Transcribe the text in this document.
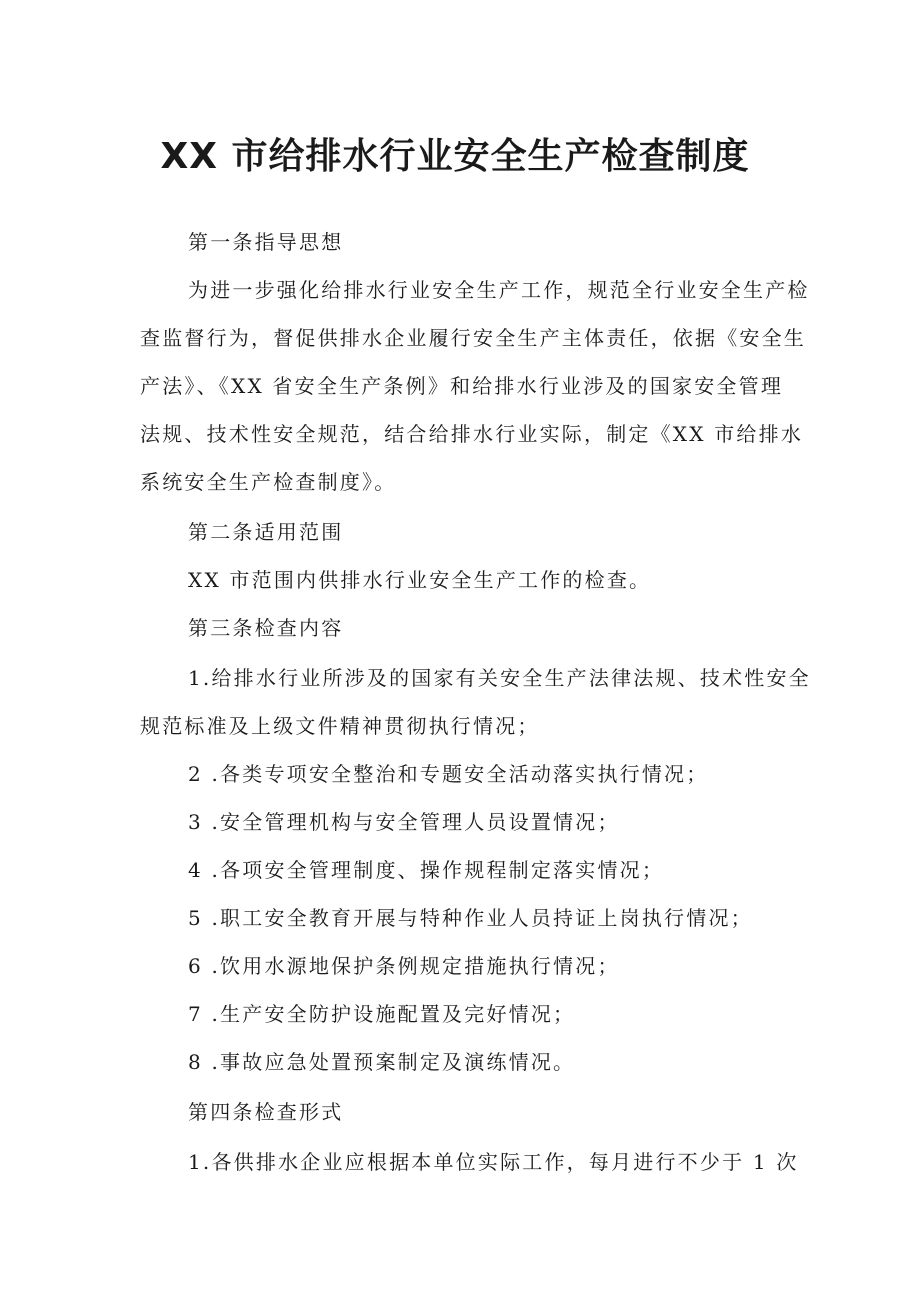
XX 市给排水行业安全生产检查制度

第一条指导思想

为进一步强化给排水行业安全生产工作，规范全行业安全生产检

查监督行为，督促供排水企业履行安全生产主体责任，依据《安全生

产法》、《XX 省安全生产条例》和给排水行业涉及的国家安全管理

法规、技术性安全规范，结合给排水行业实际，制定《XX 市给排水

系统安全生产检查制度》。

第二条适用范围

XX 市范围内供排水行业安全生产工作的检查。

第三条检查内容

1.给排水行业所涉及的国家有关安全生产法律法规、技术性安全

规范标准及上级文件精神贯彻执行情况；

2 .各类专项安全整治和专题安全活动落实执行情况；

3 .安全管理机构与安全管理人员设置情况；

4 .各项安全管理制度、操作规程制定落实情况；

5 .职工安全教育开展与特种作业人员持证上岗执行情况；

6 .饮用水源地保护条例规定措施执行情况；

7 .生产安全防护设施配置及完好情况；

8 .事故应急处置预案制定及演练情况。

第四条检查形式

1.各供排水企业应根据本单位实际工作，每月进行不少于 1 次
